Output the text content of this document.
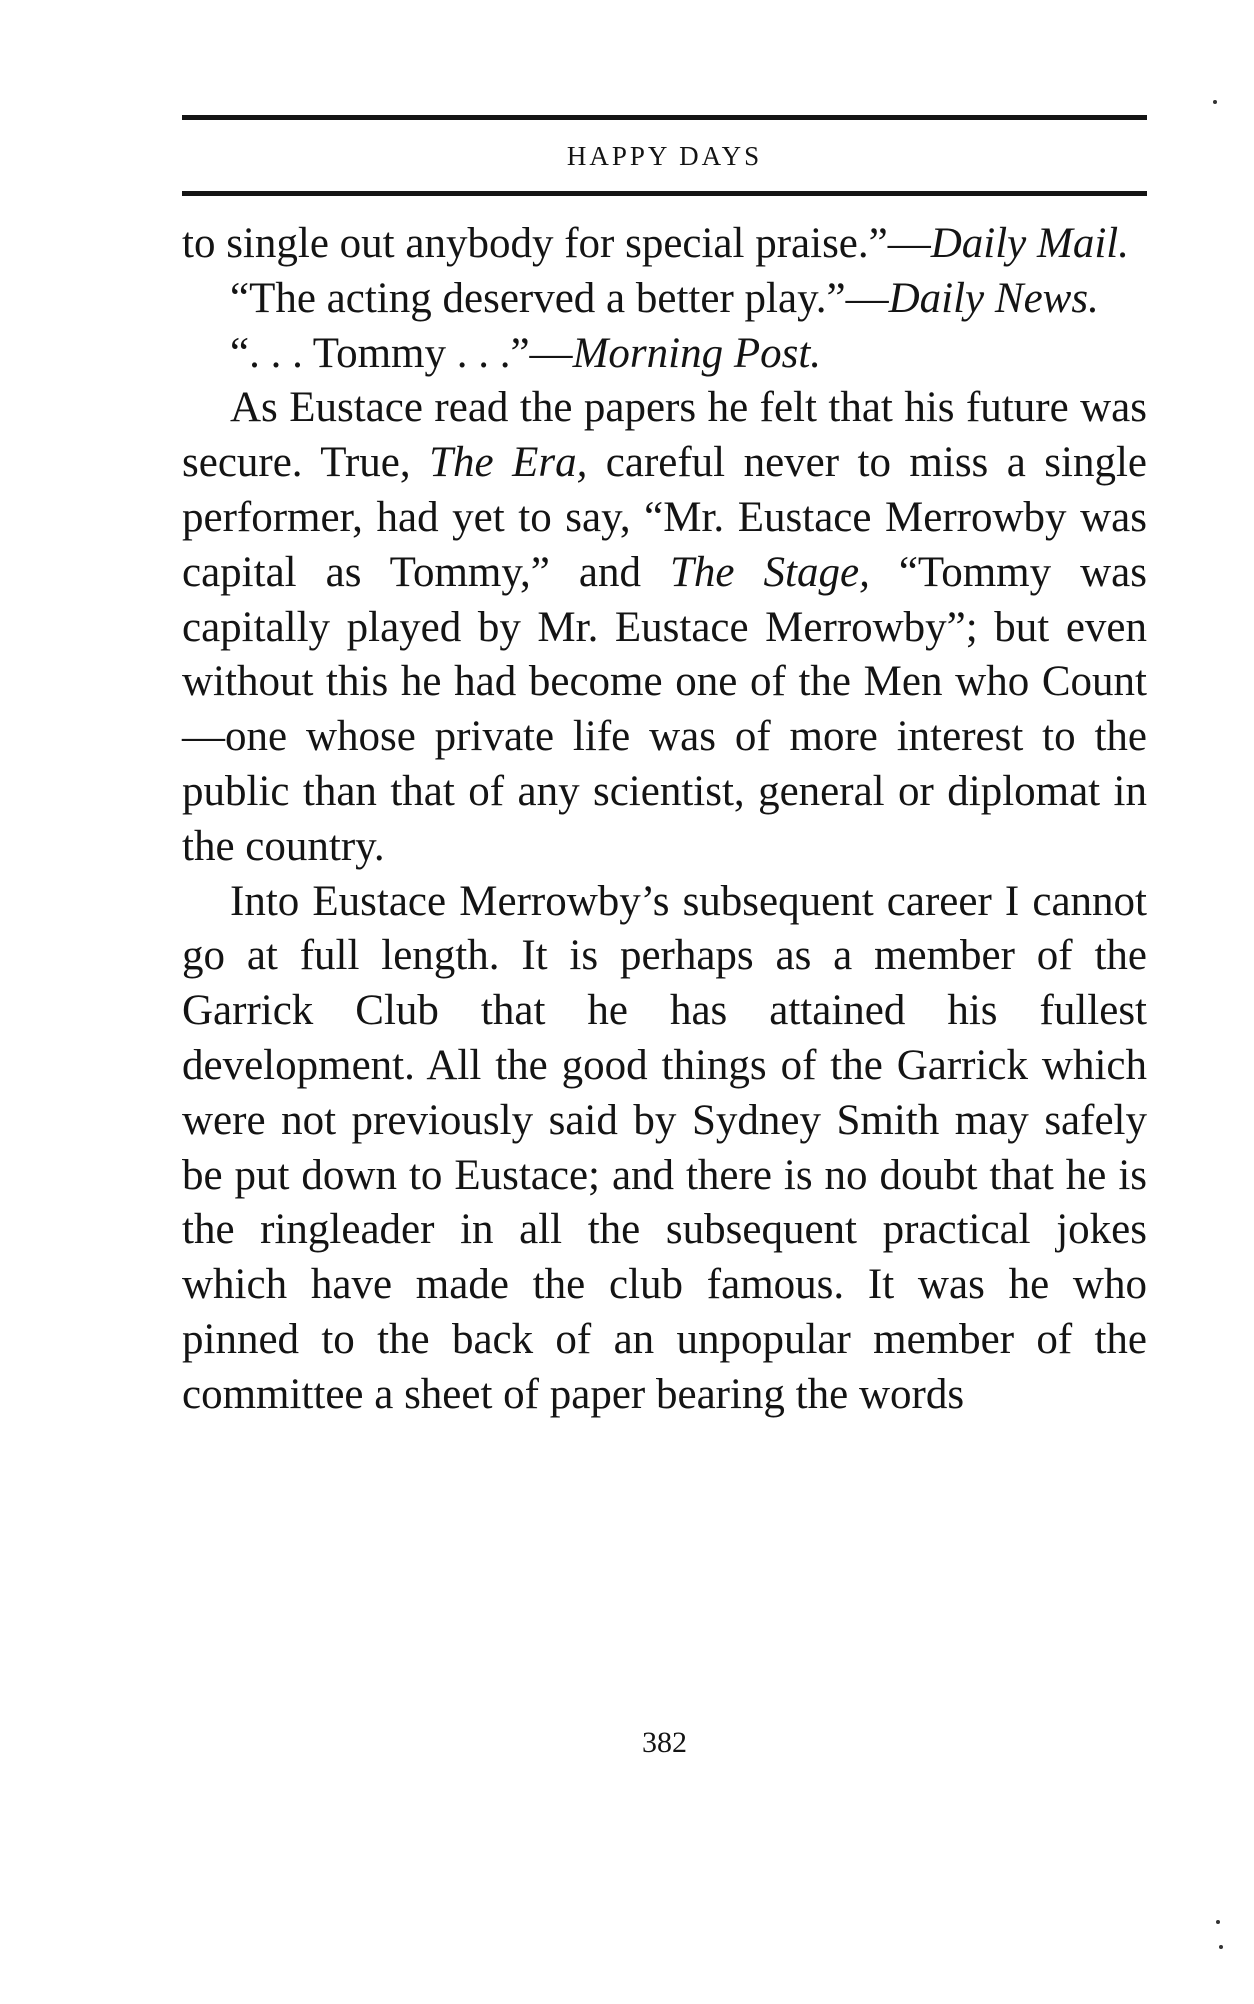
HAPPY DAYS

to single out anybody for special praise.”—Daily Mail.

“The acting deserved a better play.”—Daily News.

“. . . Tommy . . .”—Morning Post.

As Eustace read the papers he felt that his future was secure. True, The Era, careful never to miss a single performer, had yet to say, “Mr. Eustace Merrowby was capital as Tommy,” and The Stage, “Tommy was capitally played by Mr. Eustace Merrowby”; but even without this he had become one of the Men who Count—one whose private life was of more interest to the public than that of any scientist, general or diplomat in the country.

Into Eustace Merrowby’s subsequent career I cannot go at full length. It is perhaps as a member of the Garrick Club that he has attained his fullest development. All the good things of the Garrick which were not previously said by Sydney Smith may safely be put down to Eustace; and there is no doubt that he is the ringleader in all the subsequent practical jokes which have made the club famous. It was he who pinned to the back of an unpopular member of the committee a sheet of paper bearing the words

382
